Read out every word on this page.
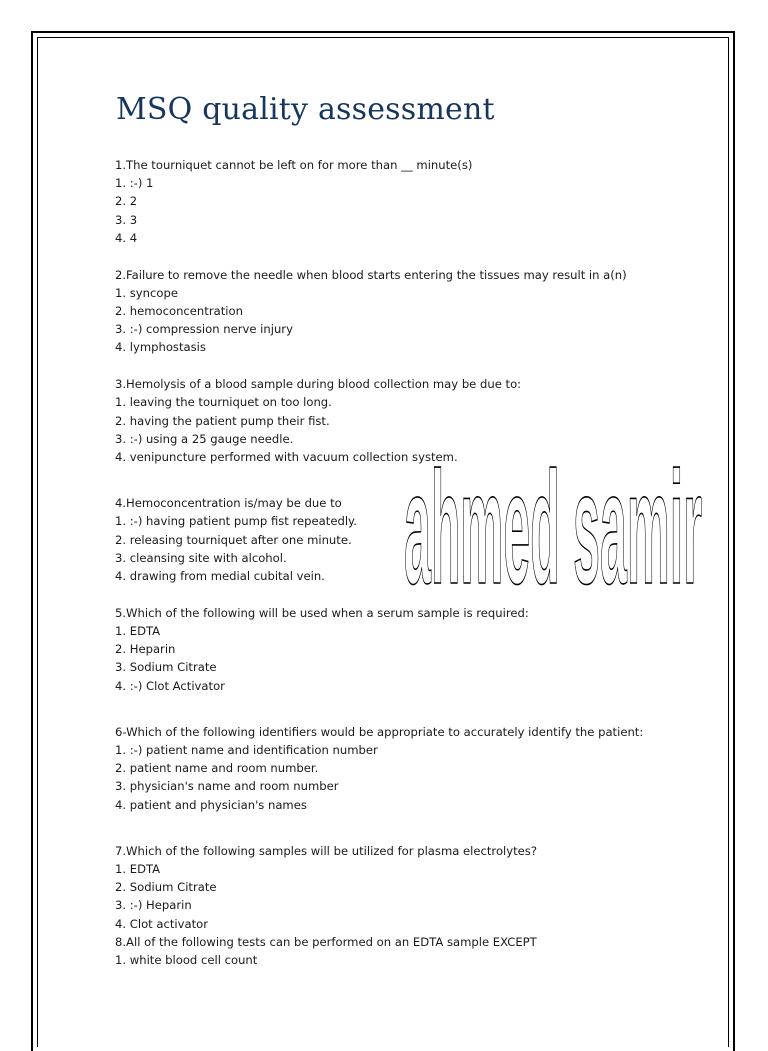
MSQ quality assessment
1.The tourniquet cannot be left on for more than __ minute(s)
1. :-) 1
2. 2
3. 3
4. 4
2.Failure to remove the needle when blood starts entering the tissues may result in a(n)
1. syncope
2. hemoconcentration
3. :-) compression nerve injury
4. lymphostasis
3.Hemolysis of a blood sample during blood collection may be due to:
1. leaving the tourniquet on too long.
2. having the patient pump their fist.
3. :-) using a 25 gauge needle.
4. venipuncture performed with vacuum collection system.
4.Hemoconcentration is/may be due to
1. :-) having patient pump fist repeatedly.
2. releasing tourniquet after one minute.
3. cleansing site with alcohol.
4. drawing from medial cubital vein.
5.Which of the following will be used when a serum sample is required:
1. EDTA
2. Heparin
3. Sodium Citrate
4. :-) Clot Activator
6-Which of the following identifiers would be appropriate to accurately identify the patient:
1. :-) patient name and identification number
2. patient name and room number.
3. physician's name and room number
4. patient and physician's names
7.Which of the following samples will be utilized for plasma electrolytes?
1. EDTA
2. Sodium Citrate
3. :-) Heparin
4. Clot activator
8.All of the following tests can be performed on an EDTA sample EXCEPT
1. white blood cell count
ahmed samir
